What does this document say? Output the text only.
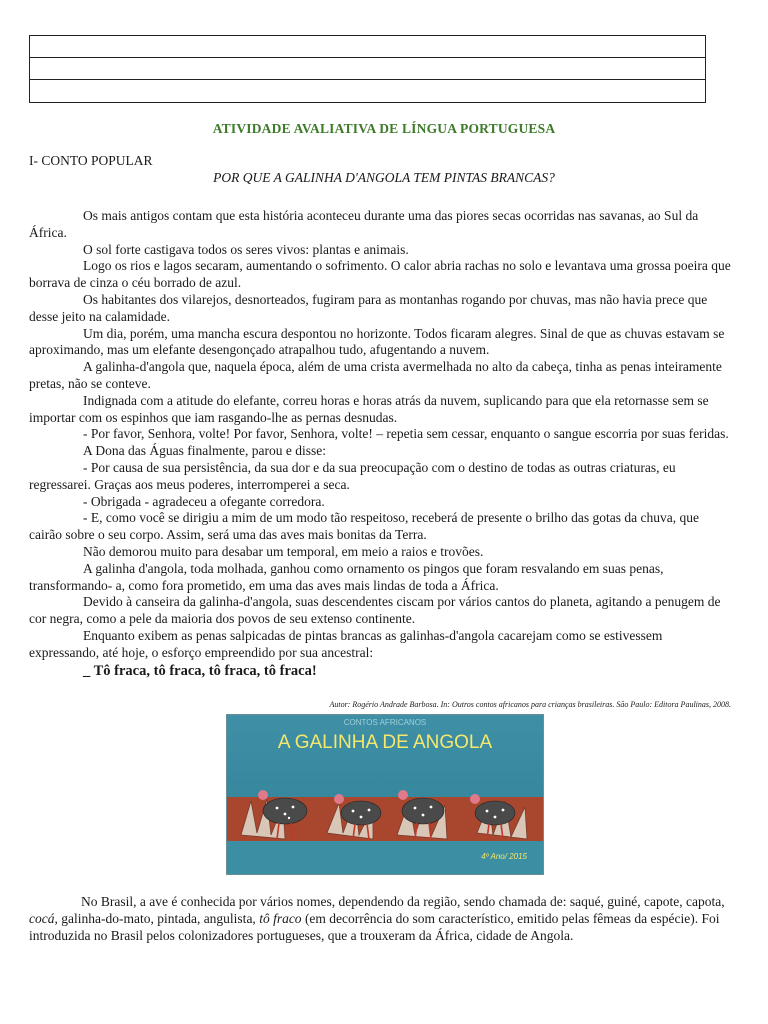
ATIVIDADE AVALIATIVA DE LÍNGUA PORTUGUESA
I- CONTO POPULAR
POR QUE A GALINHA D'ANGOLA TEM PINTAS BRANCAS?

Os mais antigos contam que esta história aconteceu durante uma das piores secas ocorridas nas savanas, ao Sul da África.

O sol forte castigava todos os seres vivos: plantas e animais.

Logo os rios e lagos secaram, aumentando o sofrimento. O calor abria rachas no solo e levantava uma grossa poeira que borrava de cinza o céu borrado de azul.

Os habitantes dos vilarejos, desnorteados, fugiram para as montanhas rogando por chuvas, mas não havia prece que desse jeito na calamidade.

Um dia, porém, uma mancha escura despontou no horizonte. Todos ficaram alegres. Sinal de que as chuvas estavam se aproximando, mas um elefante desengonçado atrapalhou tudo, afugentando a nuvem.

A galinha-d'angola que, naquela época, além de uma crista avermelhada no alto da cabeça, tinha as penas inteiramente pretas, não se conteve.

Indignada com a atitude do elefante, correu horas e horas atrás da nuvem, suplicando para que ela retornasse sem se importar com os espinhos que iam rasgando-lhe as pernas desnudas.

- Por favor, Senhora, volte! Por favor, Senhora, volte! – repetia sem cessar, enquanto o sangue escorria por suas feridas.

A Dona das Águas finalmente, parou e disse:

- Por causa de sua persistência, da sua dor e da sua preocupação com o destino de todas as outras criaturas, eu regressarei. Graças aos meus poderes, interromperei a seca.

- Obrigada - agradeceu a ofegante corredora.

- E, como você se dirigiu a mim de um modo tão respeitoso, receberá de presente o brilho das gotas da chuva, que cairão sobre o seu corpo. Assim, será uma das aves mais bonitas da Terra.

Não demorou muito para desabar um temporal, em meio a raios e trovões.

A galinha d'angola, toda molhada, ganhou como ornamento os pingos que foram resvalando em suas penas, transformando- a, como fora prometido, em uma das aves mais lindas de toda a África.

Devido à canseira da galinha-d'angola, suas descendentes ciscam por vários cantos do planeta, agitando a penugem de cor negra, como a pele da maioria dos povos de seu extenso continente.

Enquanto exibem as penas salpicadas de pintas brancas as galinhas-d'angola cacarejam como se estivessem expressando, até hoje, o esforço empreendido por sua ancestral:

_ Tô fraca, tô fraca, tô fraca, tô fraca!

Autor: Rogério Andrade Barbosa. In: Outros contos africanos para crianças brasileiras. São Paulo: Editora Paulinas, 2008.
CONTOS AFRICANOS
A GALINHA DE ANGOLA
4º Ano/ 2015

No Brasil, a ave é conhecida por vários nomes, dependendo da região, sendo chamada de: saqué, guiné, capote, capota, cocá, galinha-do-mato, pintada, angulista, tô fraco (em decorrência do som característico, emitido pelas fêmeas da espécie). Foi introduzida no Brasil pelos colonizadores portugueses, que a trouxeram da África, cidade de Angola.
